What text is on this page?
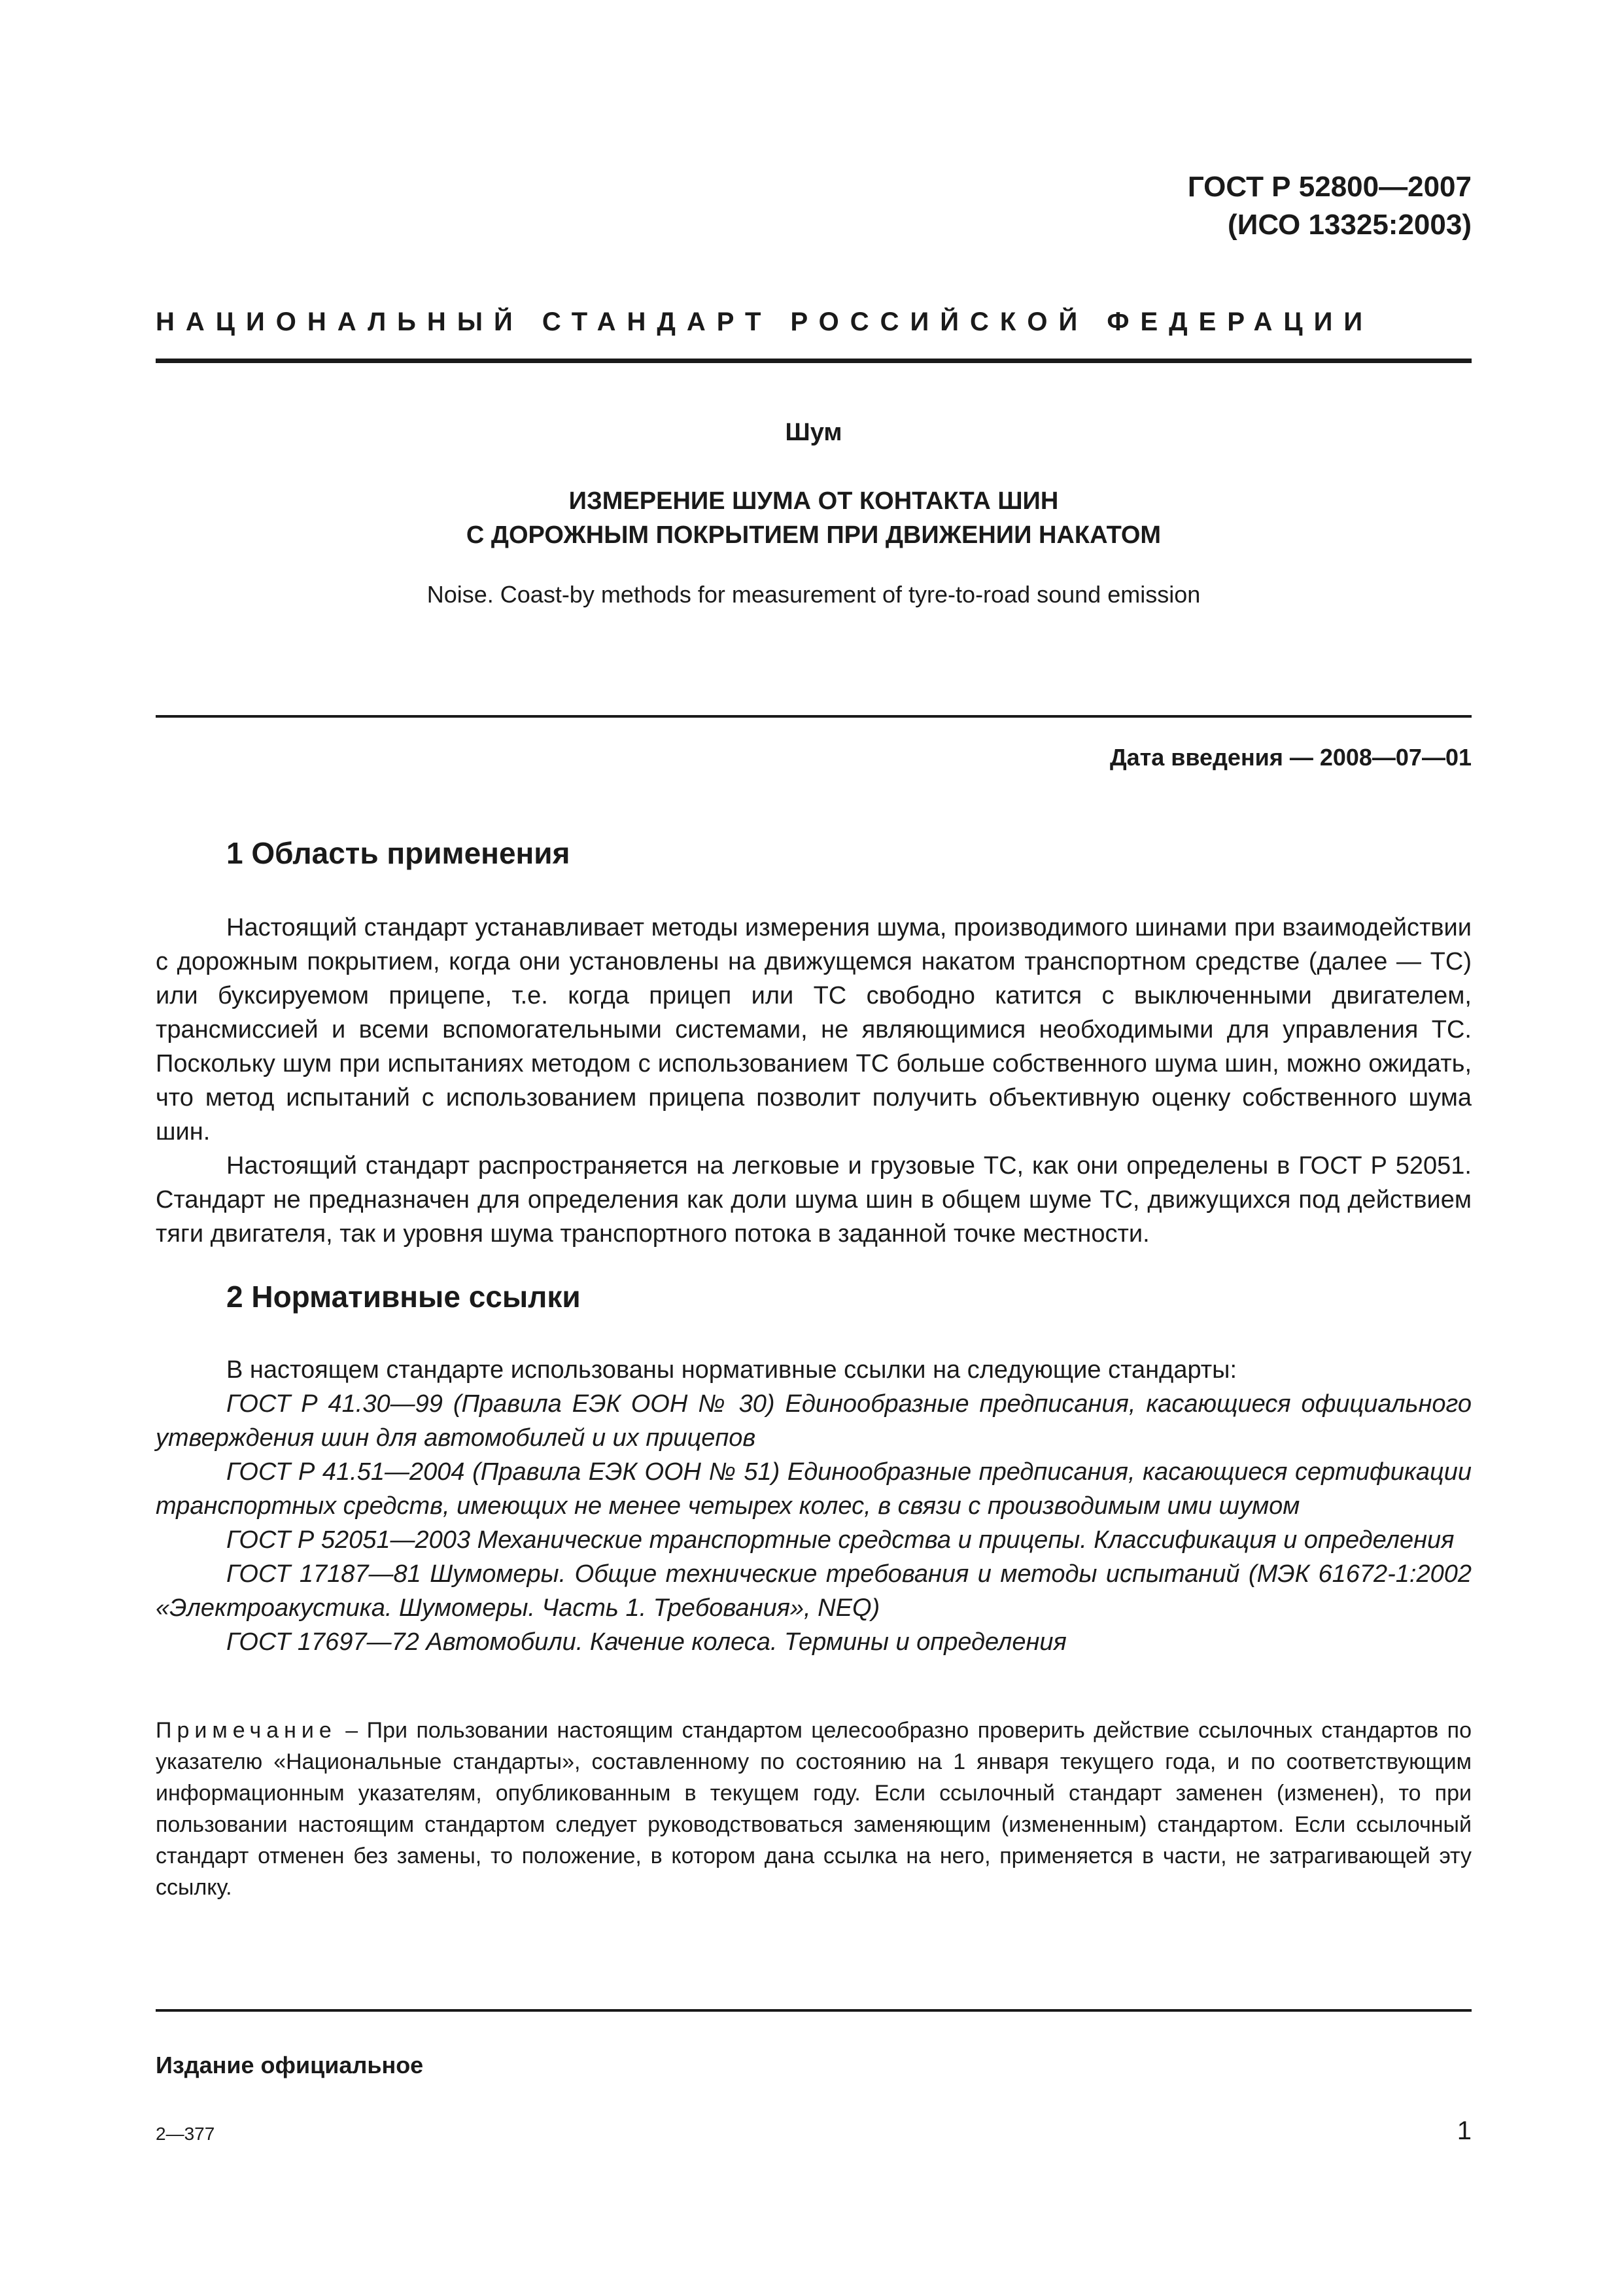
ГОСТ Р 52800—2007
(ИСО 13325:2003)
НАЦИОНАЛЬНЫЙ СТАНДАРТ РОССИЙСКОЙ ФЕДЕРАЦИИ
Шум
ИЗМЕРЕНИЕ ШУМА ОТ КОНТАКТА ШИН
С ДОРОЖНЫМ ПОКРЫТИЕМ ПРИ ДВИЖЕНИИ НАКАТОМ
Noise. Coast-by methods for measurement of tyre-to-road sound emission
Дата введения — 2008—07—01
1 Область применения

Настоящий стандарт устанавливает методы измерения шума, производимого шинами при взаимодействии с дорожным покрытием, когда они установлены на движущемся накатом транспортном средстве (далее — ТС) или буксируемом прицепе, т.е. когда прицеп или ТС свободно катится с выключенными двигателем, трансмиссией и всеми вспомогательными системами, не являющимися необходимыми для управления ТС. Поскольку шум при испытаниях методом с использованием ТС больше собственного шума шин, можно ожидать, что метод испытаний с использованием прицепа позволит получить объективную оценку собственного шума шин.

Настоящий стандарт распространяется на легковые и грузовые ТС, как они определены в ГОСТ Р 52051. Стандарт не предназначен для определения как доли шума шин в общем шуме ТС, движущихся под действием тяги двигателя, так и уровня шума транспортного потока в заданной точке местности.

2 Нормативные ссылки

В настоящем стандарте использованы нормативные ссылки на следующие стандарты:

ГОСТ Р 41.30—99 (Правила ЕЭК ООН № 30) Единообразные предписания, касающиеся официального утверждения шин для автомобилей и их прицепов

ГОСТ Р 41.51—2004 (Правила ЕЭК ООН № 51) Единообразные предписания, касающиеся сертификации транспортных средств, имеющих не менее четырех колес, в связи с производимым ими шумом

ГОСТ Р 52051—2003 Механические транспортные средства и прицепы. Классификация и определения

ГОСТ 17187—81 Шумомеры. Общие технические требования и методы испытаний (МЭК 61672-1:2002 «Электроакустика. Шумомеры. Часть 1. Требования», NEQ)

ГОСТ 17697—72 Автомобили. Качение колеса. Термины и определения

Примечание – При пользовании настоящим стандартом целесообразно проверить действие ссылочных стандартов по указателю «Национальные стандарты», составленному по состоянию на 1 января текущего года, и по соответствующим информационным указателям, опубликованным в текущем году. Если ссылочный стандарт заменен (изменен), то при пользовании настоящим стандартом следует руководствоваться заменяющим (измененным) стандартом. Если ссылочный стандарт отменен без замены, то положение, в котором дана ссылка на него, применяется в части, не затрагивающей эту ссылку.
Издание официальное
2—377	1
